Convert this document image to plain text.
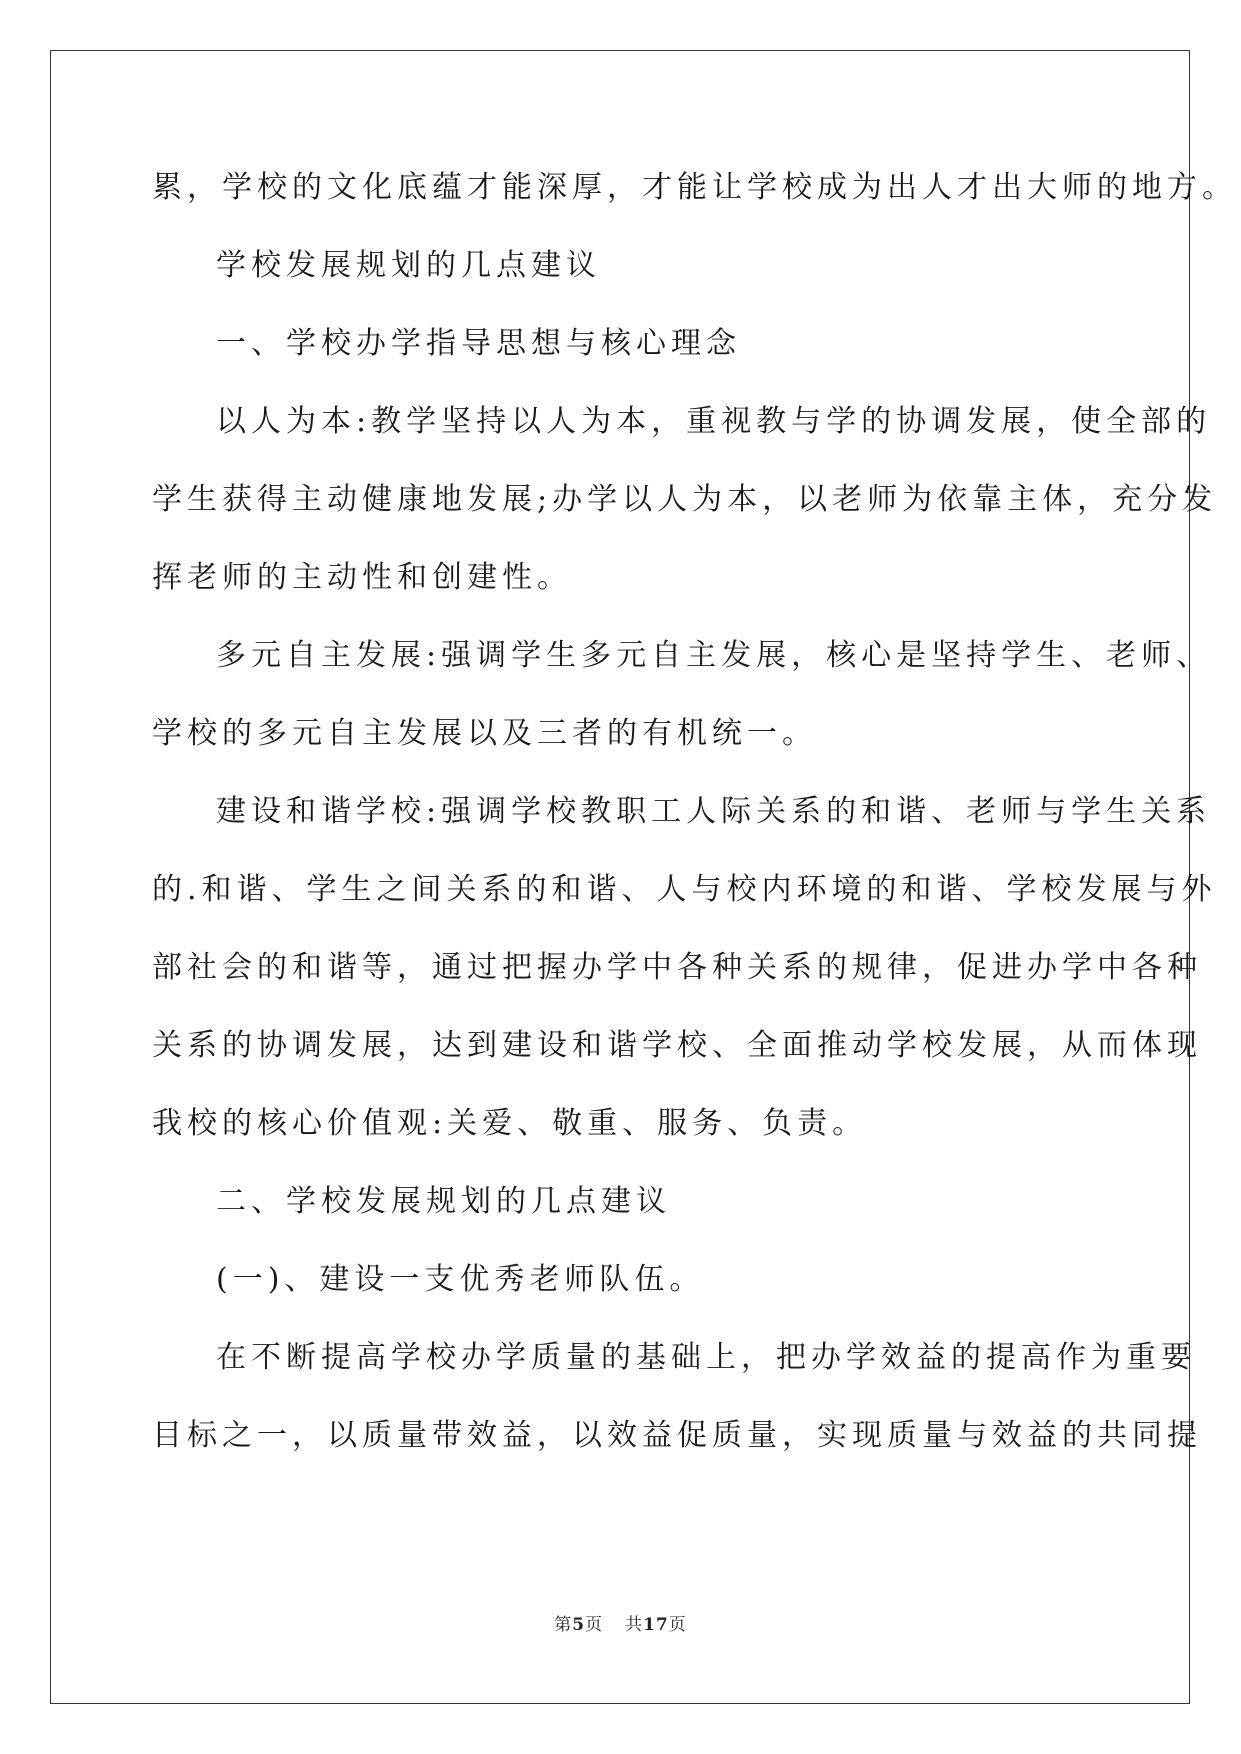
累，学校的文化底蕴才能深厚，才能让学校成为出人才出大师的地方。
学校发展规划的几点建议
一、学校办学指导思想与核心理念
以人为本:教学坚持以人为本，重视教与学的协调发展，使全部的
学生获得主动健康地发展;办学以人为本，以老师为依靠主体，充分发
挥老师的主动性和创建性。
多元自主发展:强调学生多元自主发展，核心是坚持学生、老师、
学校的多元自主发展以及三者的有机统一。
建设和谐学校:强调学校教职工人际关系的和谐、老师与学生关系
的.和谐、学生之间关系的和谐、人与校内环境的和谐、学校发展与外
部社会的和谐等，通过把握办学中各种关系的规律，促进办学中各种
关系的协调发展，达到建设和谐学校、全面推动学校发展，从而体现
我校的核心价值观:关爱、敬重、服务、负责。
二、学校发展规划的几点建议
(一)、建设一支优秀老师队伍。
在不断提高学校办学质量的基础上，把办学效益的提高作为重要
目标之一，以质量带效益，以效益促质量，实现质量与效益的共同提
第5页 共17页
